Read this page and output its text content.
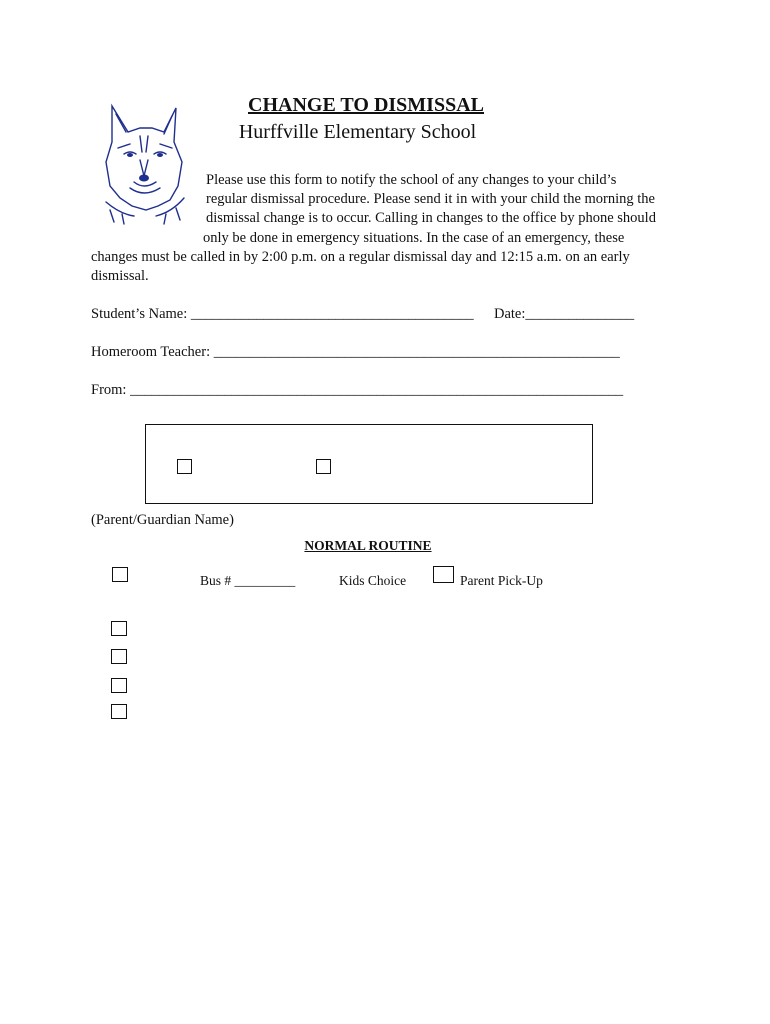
CHANGE TO DISMISSAL
Hurffville Elementary School
Please use this form to notify the school of any changes to your child’s
regular dismissal procedure. Please send it in with your child the morning the
dismissal change is to occur. Calling in changes to the office by phone should
only be done in emergency situations. In the case of an emergency, these
changes must be called in by 2:00 p.m. on a regular dismissal day and 12:15 a.m. on an early
dismissal.
Student’s Name: _______________________________________ Date:_______________
Homeroom Teacher: ________________________________________________________
From: ____________________________________________________________________
(Parent/Guardian Name)
NORMAL ROUTINE
Bus # _________	Kids Choice	Parent Pick-Up
